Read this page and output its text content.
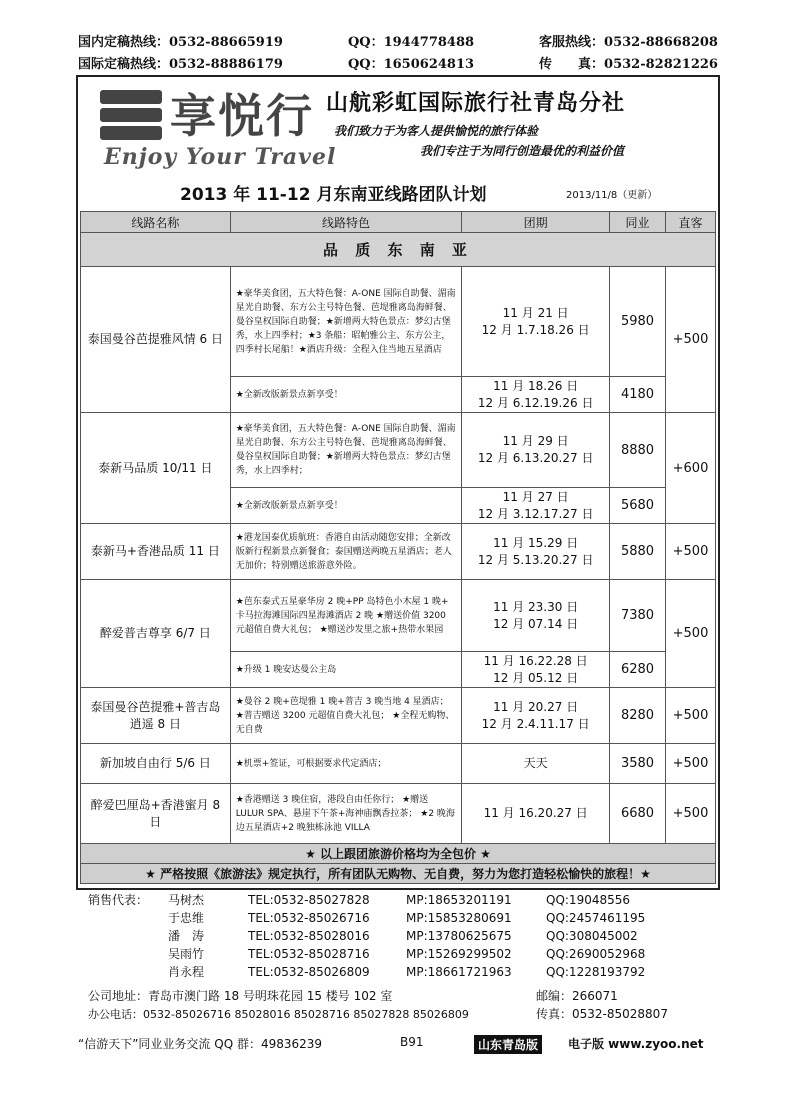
国内定稿热线：0532-88665919	QQ：1944778488	客服热线：0532-88668208
国际定稿热线：0532-88886179	QQ：1650624813	传　　真：0532-82821226
享悦行
Enjoy Your Travel
山航彩虹国际旅行社青岛分社
我们致力于为客人提供愉悦的旅行体验
我们专注于为同行创造最优的利益价值
2013 年 11-12 月东南亚线路团队计划	2013/11/8（更新）
线路名称	线路特色	团期	同业	直客
品 质 东 南 亚				
泰国曼谷芭提雅风情 6 日	★豪华美食团，五大特色餐：A-ONE 国际自助餐、湄南星光自助餐、东方公主号特色餐、芭堤雅离岛海鲜餐、曼谷皇权国际自助餐；★新增两大特色景点：梦幻古堡秀，水上四季村；★3 条船：昭帕雅公主、东方公主，四季村长尾船！★酒店升级：全程入住当地五星酒店	11 月 21 日
12 月 1.7.18.26 日	5980	+500
	★全新改版新景点新享受！	11 月 18.26 日
12 月 6.12.19.26 日	4180	
泰新马品质 10/11 日	★豪华美食团，五大特色餐：A-ONE 国际自助餐、湄南星光自助餐、东方公主号特色餐、芭堤雅离岛海鲜餐、曼谷皇权国际自助餐；★新增两大特色景点：梦幻古堡秀，水上四季村；	11 月 29 日
12 月 6.13.20.27 日	8880	+600
	★全新改版新景点新享受！	11 月 27 日
12 月 3.12.17.27 日	5680	
泰新马+香港品质 11 日	★港龙国泰优质航班：香港自由活动随您安排；全新改版新行程新景点新餐食；泰国赠送两晚五星酒店；老人无加价；特别赠送旅游意外险。	11 月 15.29 日
12 月 5.13.20.27 日	5880	+500
醉爱普吉尊享 6/7 日	★芭东泰式五星豪华房 2 晚+PP 岛特色小木屋 1 晚+ 卡马拉海滩国际四星海滩酒店 2 晚 ★赠送价值 3200 元超值自费大礼包； ★赠送沙发里之旅+热带水果园	11 月 23.30 日
12 月 07.14 日	7380	+500
	★升级 1 晚安达曼公主岛	11 月 16.22.28 日
12 月 05.12 日	6280	
泰国曼谷芭提雅+普吉岛逍遥 8 日	★曼谷 2 晚+芭堤雅 1 晚+普吉 3 晚当地 4 星酒店； ★普吉赠送 3200 元超值自费大礼包； ★全程无购物、无自费	11 月 20.27 日
12 月 2.4.11.17 日	8280	+500
新加坡自由行 5/6 日	★机票+签证，可根据要求代定酒店；	天天	3580	+500
醉爱巴厘岛+香港蜜月 8 日	★香港赠送 3 晚住宿，港段自由任你行； ★赠送 LULUR SPA、悬崖下午茶+海神庙飘香拉茶； ★2 晚海边五星酒店+2 晚独栋泳池 VILLA	11 月 16.20.27 日	6680	+500
★ 以上跟团旅游价格均为全包价 ★				
★ 严格按照《旅游法》规定执行，所有团队无购物、无自费，努力为您打造轻松愉快的旅程！★				
销售代表： 马树杰	TEL:0532-85027828	MP:18653201191	QQ:19048556
于忠维	TEL:0532-85026716	MP:15853280691	QQ:2457461195
潘　涛	TEL:0532-85028016	MP:13780625675	QQ:308045002
吴雨竹	TEL:0532-85028716	MP:15269299502	QQ:2690052968
肖永程	TEL:0532-85026809	MP:18661721963	QQ:1228193792
公司地址：青岛市澳门路 18 号明珠花园 15 楼号 102 室	邮编：266071
办公电话：0532-85026716 85028016 85028716 85027828 85026809	传真：0532-85028807
“信游天下”同业业务交流 QQ 群：49836239	B91	山东青岛版	电子版 www.zyoo.net
